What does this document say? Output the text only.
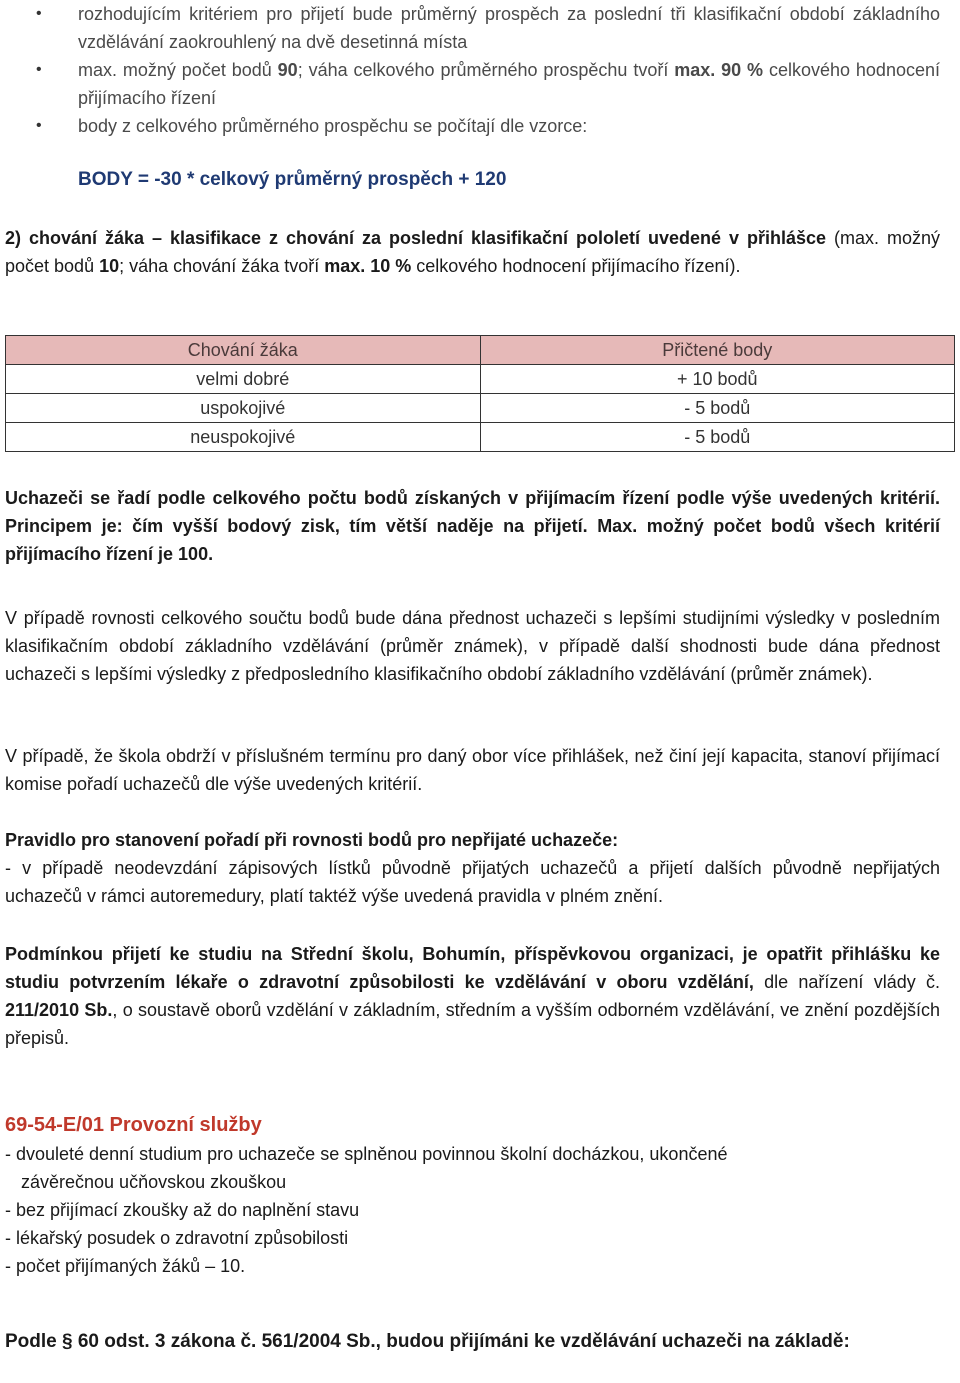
• rozhodujícím kritériem pro přijetí bude průměrný prospěch za poslední tři klasifikační období základního vzdělávání zaokrouhlený na dvě desetinná místa
• max. možný počet bodů 90; váha celkového průměrného prospěchu tvoří max. 90 % celkového hodnocení přijímacího řízení
• body z celkového průměrného prospěchu se počítají dle vzorce:
BODY = -30 * celkový průměrný prospěch + 120
2) chování žáka – klasifikace z chování za poslední klasifikační pololetí uvedené v přihlášce (max. možný počet bodů 10; váha chování žáka tvoří max. 10 % celkového hodnocení přijímacího řízení).
Chování žáka	Přičtené body
velmi dobré	+ 10 bodů
uspokojivé	- 5 bodů
neuspokojivé	- 5 bodů
Uchazeči se řadí podle celkového počtu bodů získaných v přijímacím řízení podle výše uvedených kritérií. Principem je: čím vyšší bodový zisk, tím větší naděje na přijetí. Max. možný počet bodů všech kritérií přijímacího řízení je 100.
V případě rovnosti celkového součtu bodů bude dána přednost uchazeči s lepšími studijními výsledky v posledním klasifikačním období základního vzdělávání (průměr známek), v případě další shodnosti bude dána přednost uchazeči s lepšími výsledky z předposledního klasifikačního období základního vzdělávání (průměr známek).
V případě, že škola obdrží v příslušném termínu pro daný obor více přihlášek, než činí její kapacita, stanoví přijímací komise pořadí uchazečů dle výše uvedených kritérií.
Pravidlo pro stanovení pořadí při rovnosti bodů pro nepřijaté uchazeče:
- v případě neodevzdání zápisových lístků původně přijatých uchazečů a přijetí dalších původně nepřijatých uchazečů v rámci autoremedury, platí taktéž výše uvedená pravidla v plném znění.
Podmínkou přijetí ke studiu na Střední školu, Bohumín, příspěvkovou organizaci, je opatřit přihlášku ke studiu potvrzením lékaře o zdravotní způsobilosti ke vzdělávání v oboru vzdělání, dle nařízení vlády č. 211/2010 Sb., o soustavě oborů vzdělání v základním, středním a vyšším odborném vzdělávání, ve znění pozdějších přepisů.
69-54-E/01 Provozní služby
- dvouleté denní studium pro uchazeče se splněnou povinnou školní docházkou, ukončené
závěrečnou učňovskou zkouškou
- bez přijímací zkoušky až do naplnění stavu
- lékařský posudek o zdravotní způsobilosti
- počet přijímaných žáků – 10.
Podle § 60 odst. 3 zákona č. 561/2004 Sb., budou přijímáni ke vzdělávání uchazeči na základě:
